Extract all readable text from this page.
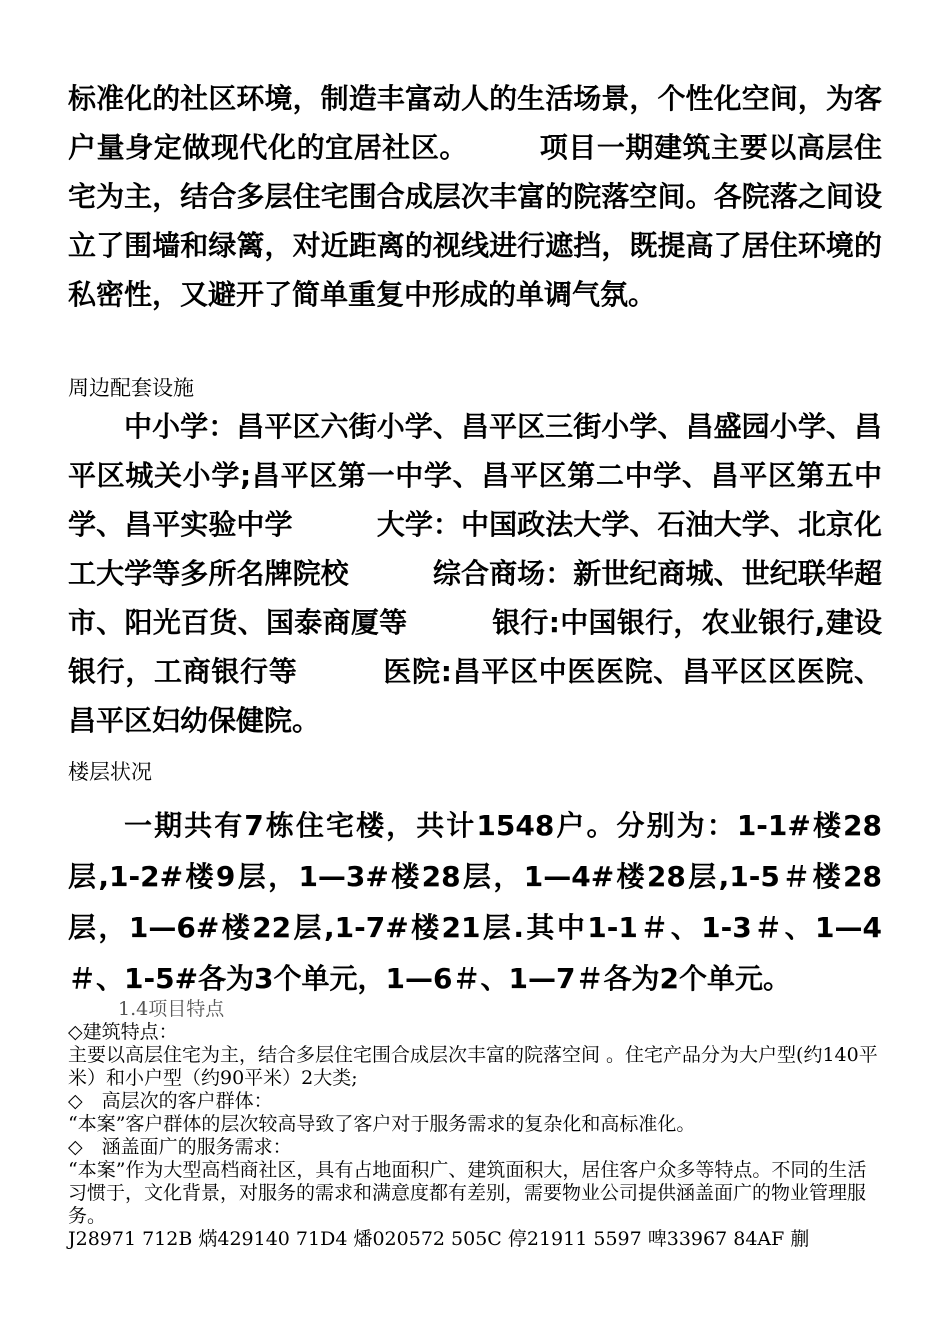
标准化的社区环境，制造丰富动人的生活场景，个性化空间，为客户量身定做现代化的宜居社区。　　　项目一期建筑主要以高层住宅为主，结合多层住宅围合成层次丰富的院落空间。各院落之间设立了围墙和绿篱，对近距离的视线进行遮挡，既提高了居住环境的私密性，又避开了简单重复中形成的单调气氛。

周边配套设施

中小学：昌平区六街小学、昌平区三街小学、昌盛园小学、昌平区城关小学;昌平区第一中学、昌平区第二中学、昌平区第五中学、昌平实验中学　　　大学：中国政法大学、石油大学、北京化工大学等多所名牌院校　　　综合商场：新世纪商城、世纪联华超市、阳光百货、国泰商厦等　　　银行:中国银行，农业银行,建设银行，工商银行等　　　医院:昌平区中医医院、昌平区区医院、昌平区妇幼保健院。

楼层状况

一期共有7栋住宅楼，共计1548户。分别为：1-1#楼28层,1-2#楼9层，1—3#楼28层，1—4#楼28层,1-5＃楼28层，1—6#楼22层,1-7#楼21层.其中1-1＃、1-3＃、1—4＃、1-5#各为3个单元，1—6＃、1—7＃各为2个单元。

1.4项目特点

◇建筑特点：

主要以高层住宅为主，结合多层住宅围合成层次丰富的院落空间 。住宅产品分为大户型(约140平米）和小户型（约90平米）2大类;

◇　高层次的客户群体：

“本案”客户群体的层次较高导致了客户对于服务需求的复杂化和高标准化。

◇　涵盖面广的服务需求：

“本案”作为大型高档商社区，具有占地面积广、建筑面积大，居住客户众多等特点。不同的生活习惯于，文化背景，对服务的需求和满意度都有差别，需要物业公司提供涵盖面广的物业管理服务。

J28971 712B 焫429140 71D4 燔020572 505C 停21911 5597 啤33967 84AF 蒯
